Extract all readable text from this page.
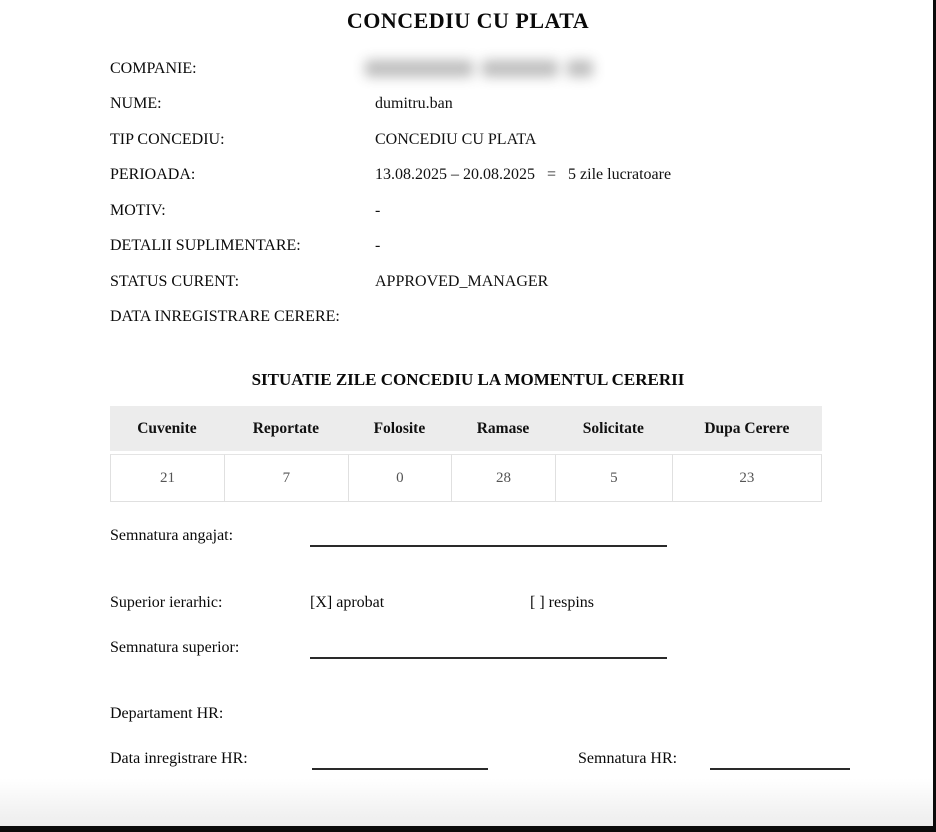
CONCEDIU CU PLATA
COMPANIE:

NUME:	dumitru.ban
TIP CONCEDIU:	CONCEDIU CU PLATA
PERIOADA:	13.08.2025 – 20.08.2025   =   5 zile lucratoare
MOTIV:	-
DETALII SUPLIMENTARE:	-
STATUS CURENT:	APPROVED_MANAGER
DATA INREGISTRARE CERERE:
SITUATIE ZILE CONCEDIU LA MOMENTUL CERERII
Cuvenite	Reportate	Folosite	Ramase	Solicitate	Dupa Cerere
21	7	0	28	5	23
Semnatura angajat:
Superior ierarhic:	[X] aprobat	[ ] respins
Semnatura superior:
Departament HR:
Data inregistrare HR:	Semnatura HR:
